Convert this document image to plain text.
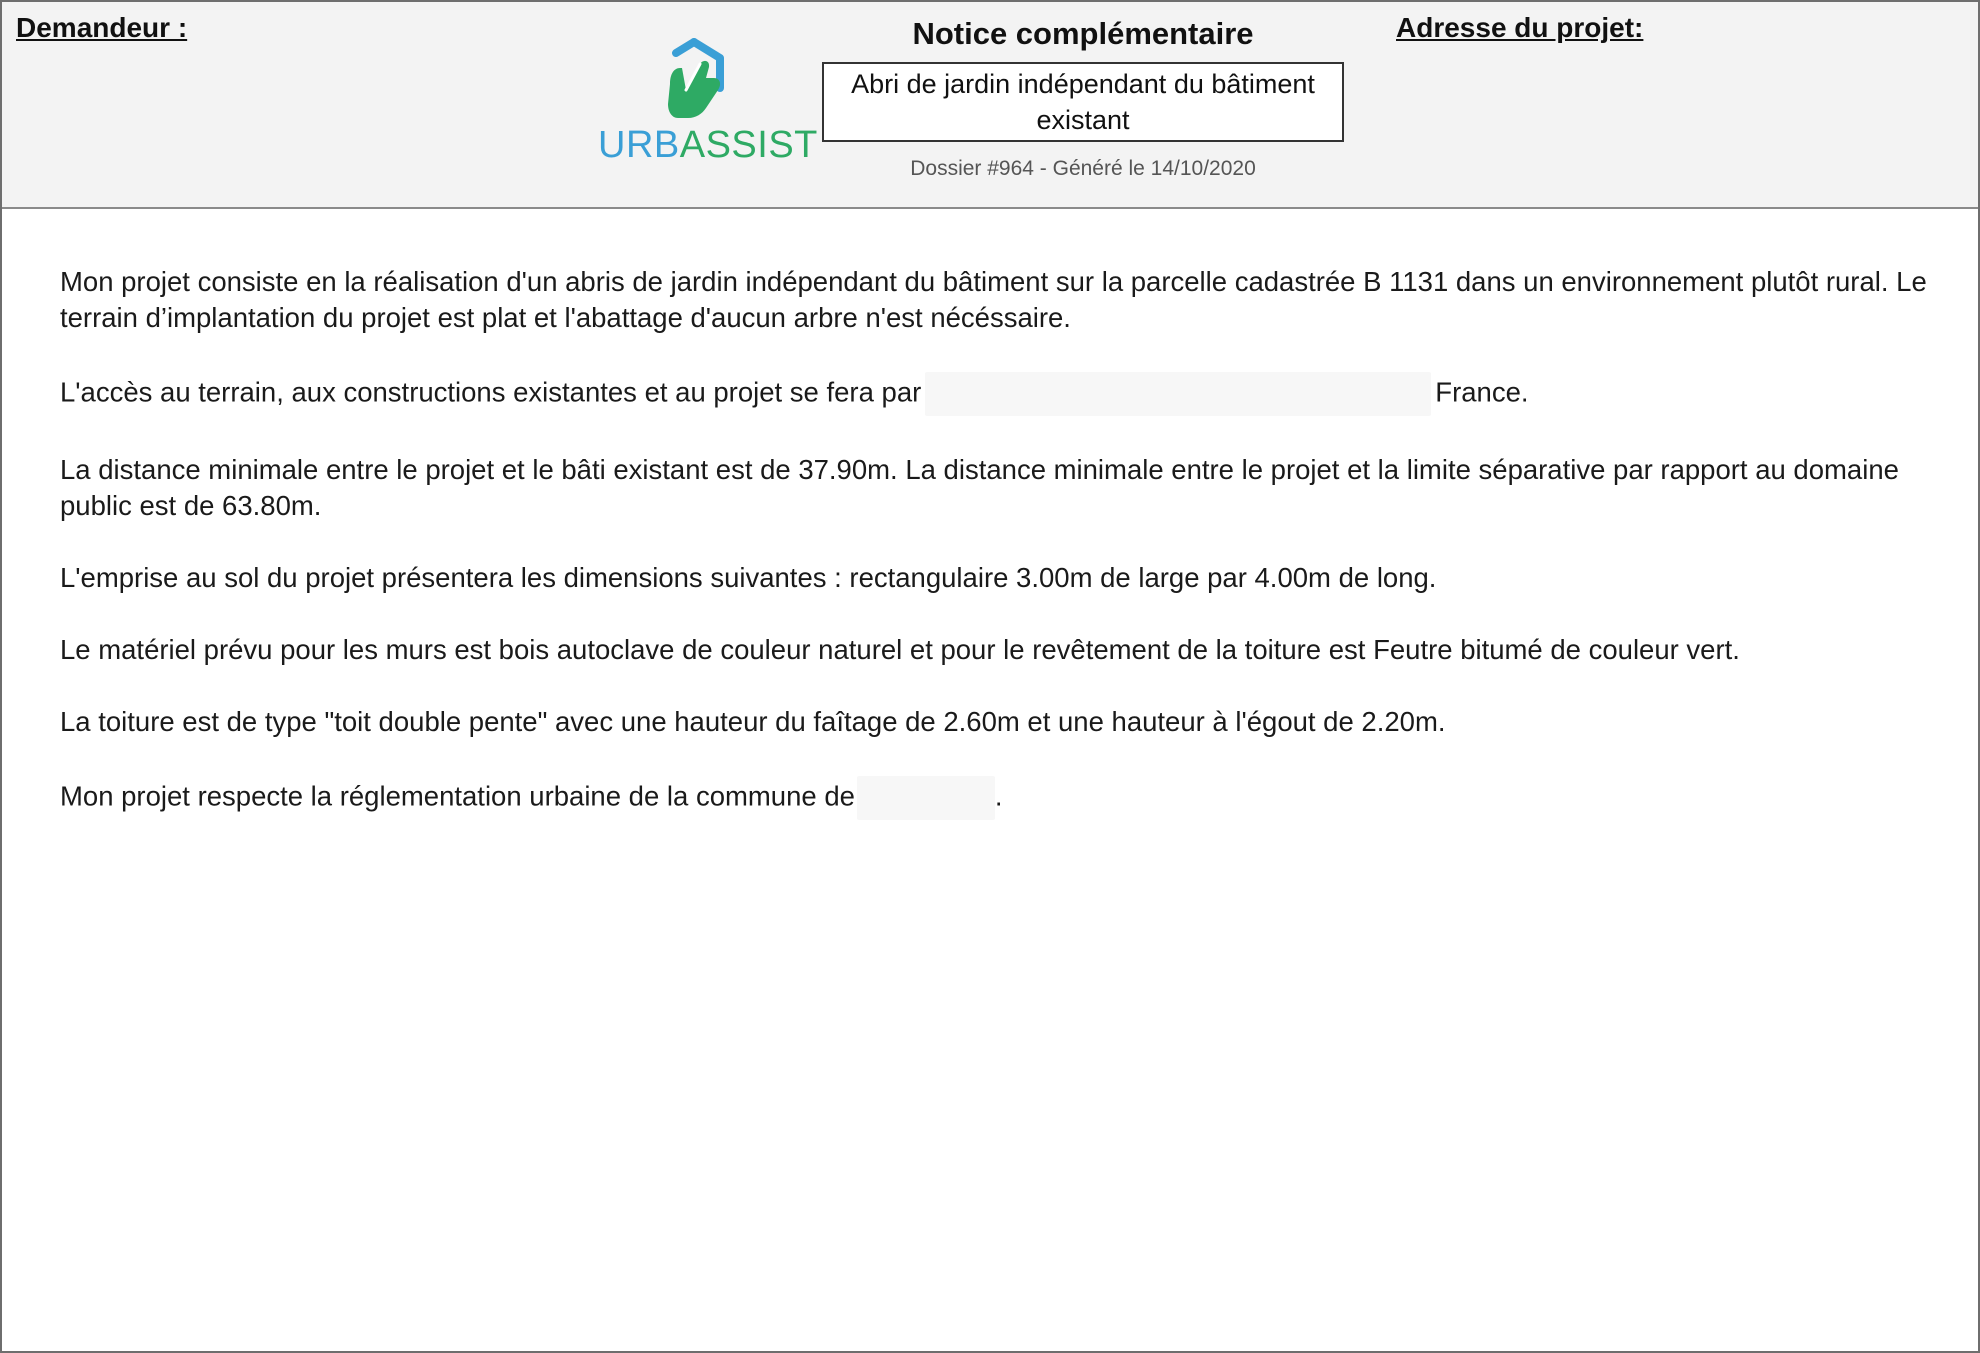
Demandeur :
URBASSIST
Notice complémentaire
Abri de jardin indépendant du bâtiment existant
Dossier #964 - Généré le 14/10/2020
Adresse du projet:

Mon projet consiste en la réalisation d'un abris de jardin indépendant du bâtiment sur la parcelle cadastrée B 1131 dans un environnement plutôt rural. Le terrain d’implantation du projet est plat et l'abattage d'aucun arbre n'est nécéssaire.

L'accès au terrain, aux constructions existantes et au projet se fera par	France.

La distance minimale entre le projet et le bâti existant est de 37.90m. La distance minimale entre le projet et la limite séparative par rapport au domaine public est de 63.80m.

L'emprise au sol du projet présentera les dimensions suivantes : rectangulaire 3.00m de large par 4.00m de long.

Le matériel prévu pour les murs est bois autoclave de couleur naturel et pour le revêtement de la toiture est Feutre bitumé de couleur vert.

La toiture est de type "toit double pente" avec une hauteur du faîtage de 2.60m et une hauteur à l'égout de 2.20m.

Mon projet respecte la réglementation urbaine de la commune de	.
